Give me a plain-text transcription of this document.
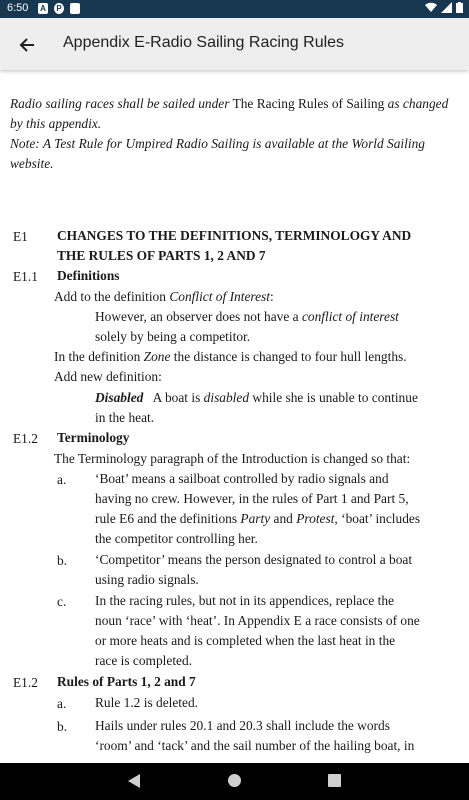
6:50 A P
Appendix E-Radio Sailing Racing Rules
Radio sailing races shall be sailed under The Racing Rules of Sailing as changed by this appendix.
Note: A Test Rule for Umpired Radio Sailing is available at the World Sailing website.
E1 CHANGES TO THE DEFINITIONS, TERMINOLOGY AND
THE RULES OF PARTS 1, 2 AND 7
E1.1 Definitions
Add to the definition Conflict of Interest:
However, an observer does not have a conflict of interest
solely by being a competitor.
In the definition Zone the distance is changed to four hull lengths.
Add new definition:
Disabled A boat is disabled while she is unable to continue
in the heat.
E1.2 Terminology
The Terminology paragraph of the Introduction is changed so that:
a. ‘Boat’ means a sailboat controlled by radio signals and
having no crew. However, in the rules of Part 1 and Part 5,
rule E6 and the definitions Party and Protest, ‘boat’ includes
the competitor controlling her.
b. ‘Competitor’ means the person designated to control a boat
using radio signals.
c. In the racing rules, but not in its appendices, replace the
noun ‘race’ with ‘heat’. In Appendix E a race consists of one
or more heats and is completed when the last heat in the
race is completed.
E1.2 Rules of Parts 1, 2 and 7
a. Rule 1.2 is deleted.
b. Hails under rules 20.1 and 20.3 shall include the words
‘room’ and ‘tack’ and the sail number of the hailing boat, in
